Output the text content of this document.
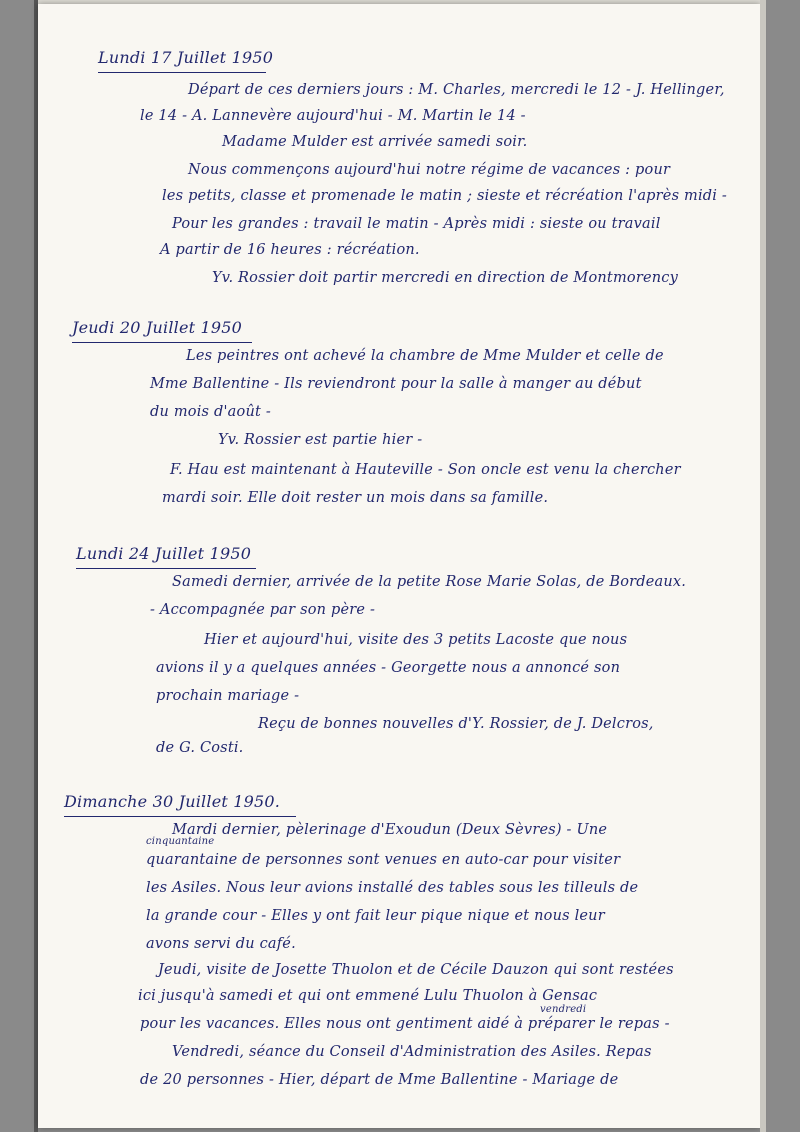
Lundi 17 Juillet 1950
Départ de ces derniers jours : M. Charles, mercredi le 12 - J. Hellinger,
le 14 - A. Lannevère aujourd'hui - M. Martin le 14 -
Madame Mulder est arrivée samedi soir.
Nous commençons aujourd'hui notre régime de vacances : pour
les petits, classe et promenade le matin ; sieste et récréation l'après midi -
Pour les grandes : travail le matin - Après midi : sieste ou travail
A partir de 16 heures : récréation.
Yv. Rossier doit partir mercredi en direction de Montmorency
Jeudi 20 Juillet 1950
Les peintres ont achevé la chambre de Mme Mulder et celle de
Mme Ballentine - Ils reviendront pour la salle à manger au début
du mois d'août -
Yv. Rossier est partie hier -
F. Hau est maintenant à Hauteville - Son oncle est venu la chercher
mardi soir. Elle doit rester un mois dans sa famille.
Lundi 24 Juillet 1950
Samedi dernier, arrivée de la petite Rose Marie Solas, de Bordeaux.
- Accompagnée par son père -
Hier et aujourd'hui, visite des 3 petits Lacoste que nous
avions il y a quelques années - Georgette nous a annoncé son
prochain mariage -
Reçu de bonnes nouvelles d'Y. Rossier, de J. Delcros,
de G. Costi.
Dimanche 30 Juillet 1950.
cinquantaine
Mardi dernier, pèlerinage d'Exoudun (Deux Sèvres) - Une
quarantaine de personnes sont venues en auto-car pour visiter
les Asiles. Nous leur avions installé des tables sous les tilleuls de
la grande cour - Elles y ont fait leur pique nique et nous leur
avons servi du café.
Jeudi, visite de Josette Thuolon et de Cécile Dauzon qui sont restées
ici jusqu'à samedi et qui ont emmené Lulu Thuolon à Gensac
vendredi
pour les vacances. Elles nous ont gentiment aidé à préparer le repas -
Vendredi, séance du Conseil d'Administration des Asiles. Repas
de 20 personnes - Hier, départ de Mme Ballentine - Mariage de
